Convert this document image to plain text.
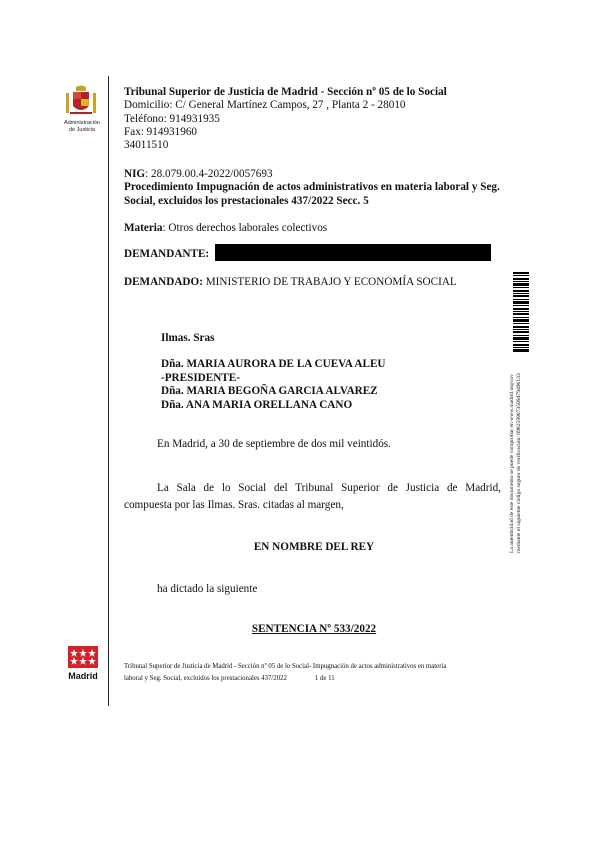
Administración
de Justicia
Tribunal Superior de Justicia de Madrid - Sección nº 05 de lo Social
Domicilio: C/ General Martínez Campos, 27 , Planta 2 - 28010
Teléfono: 914931935
Fax: 914931960
34011510
NIG: 28.079.00.4-2022/0057693
Procedimiento Impugnación de actos administrativos en materia laboral y Seg. Social, excluidos los prestacionales 437/2022 Secc. 5
Materia: Otros derechos laborales colectivos
DEMANDANTE:
DEMANDADO: MINISTERIO DE TRABAJO Y ECONOMÍA SOCIAL
Ilmas. Sras
Dña. MARIA AURORA DE LA CUEVA ALEU
-PRESIDENTE-
Dña. MARIA BEGOÑA GARCIA ALVAREZ
Dña. ANA MARIA ORELLANA CANO
En Madrid, a 30 de septiembre de dos mil veintidós.
La Sala de lo Social del Tribunal Superior de Justicia de Madrid,
compuesta por las Ilmas. Sras. citadas al margen,
EN NOMBRE DEL REY
ha dictado la siguiente
SENTENCIA Nº 533/2022
La autenticidad de este documento se puede comprobar en www.madrid.org/csv mediante el siguiente código seguro de verificación: 0982599073509479496133
Madrid
Tribunal Superior de Justicia de Madrid - Sección nº 05 de lo Social- Impugnación de actos administrativos en materia
laboral y Seg. Social, excluidos los prestacionales 437/2022	1 de 11
